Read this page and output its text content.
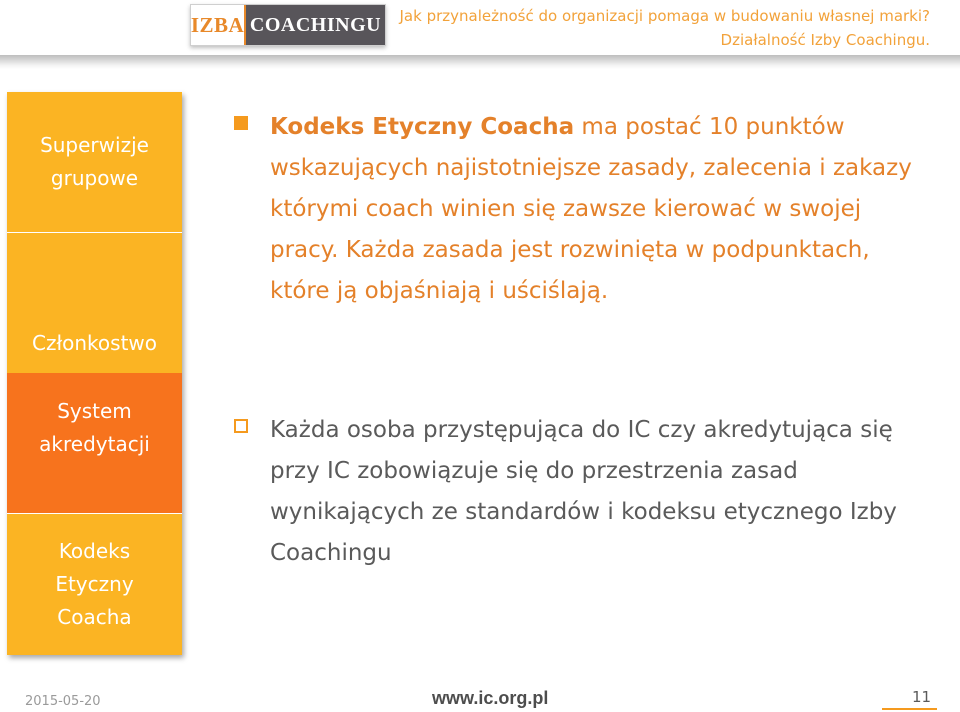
IZBA COACHINGU Jak przynależność do organizacji pomaga w budowaniu własnej marki?
Działalność Izby Coachingu.
Superwizje grupowe
Członkostwo
System akredytacji
Kodeks Etyczny Coacha
Kodeks Etyczny Coacha ma postać 10 punktów wskazujących najistotniejsze zasady, zalecenia i zakazy którymi coach winien się zawsze kierować w swojej pracy. Każda zasada jest rozwinięta w podpunktach, które ją objaśniają i uściślają.
Każda osoba przystępująca do IC czy akredytująca się przy IC zobowiązuje się do przestrzenia zasad wynikających ze standardów i kodeksu etycznego Izby Coachingu
2015-05-20	www.ic.org.pl	11
